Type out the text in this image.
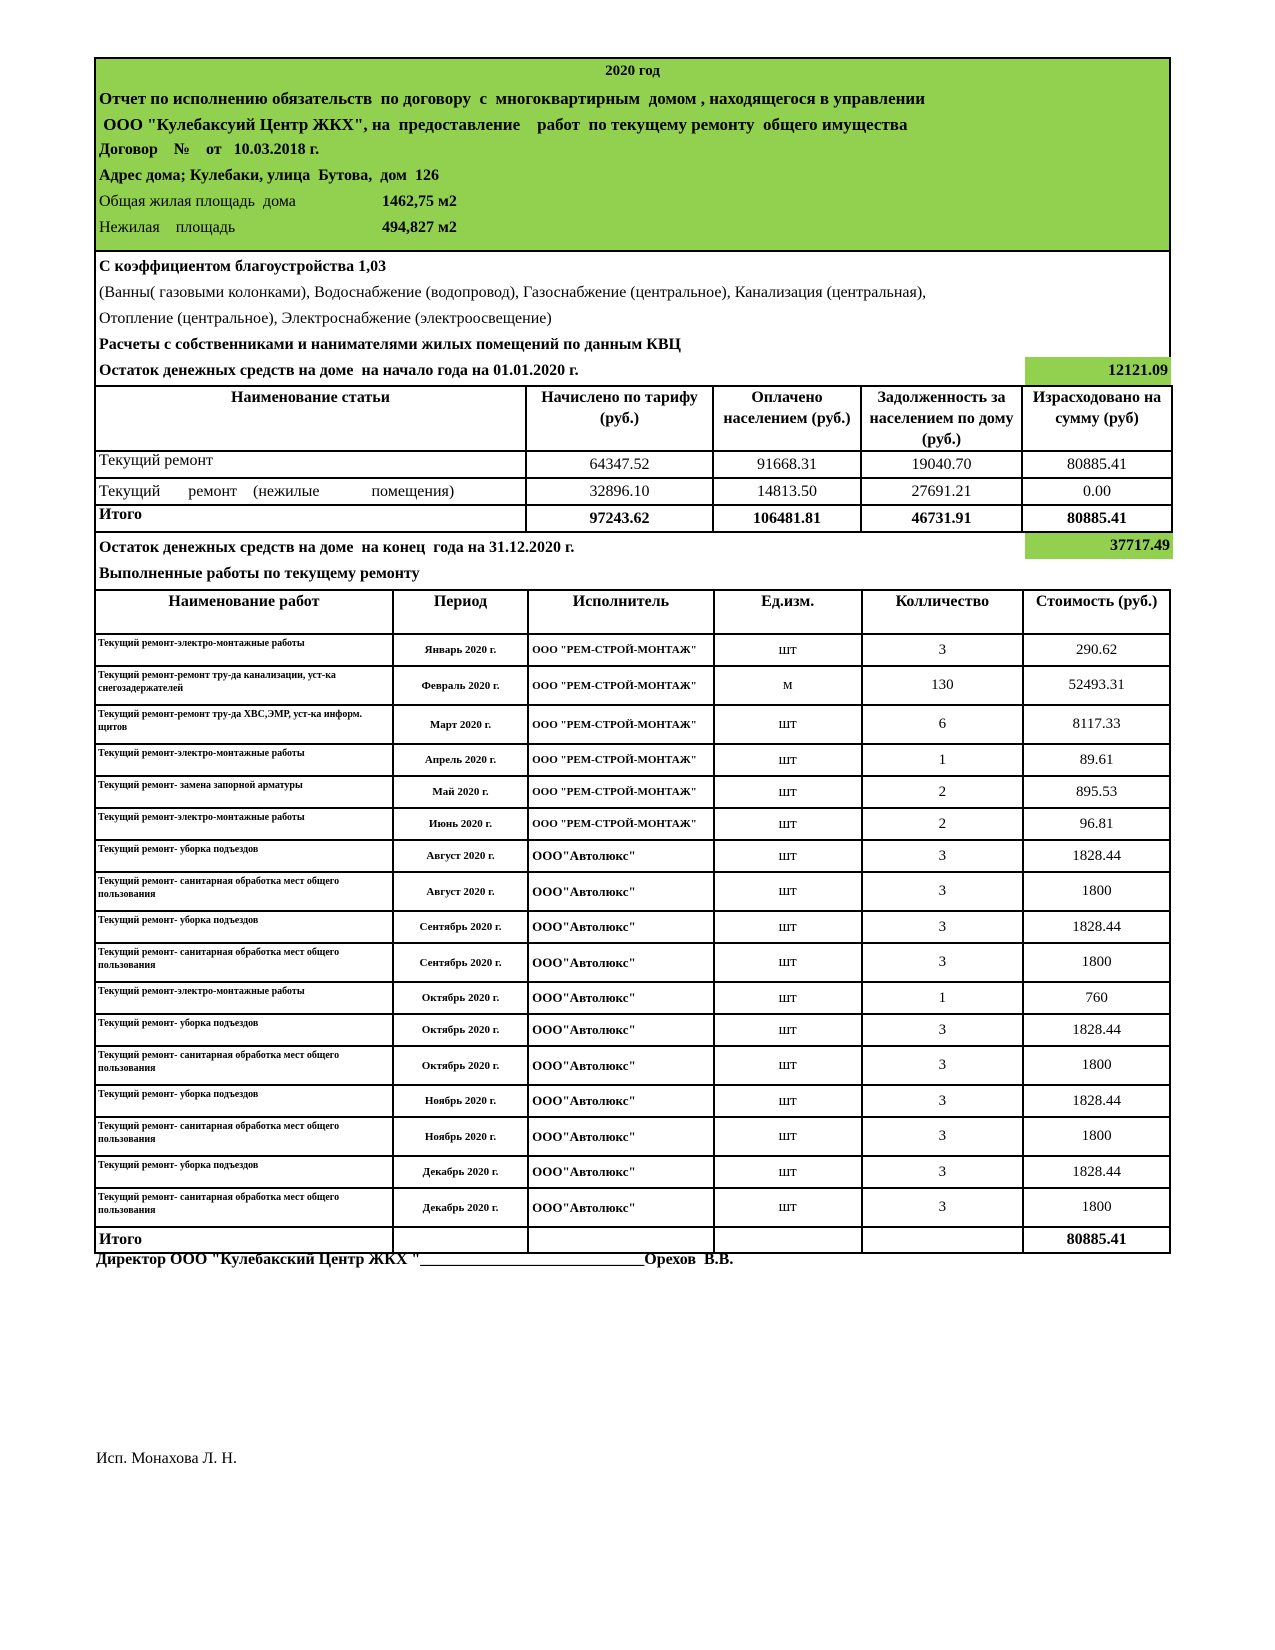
2020 год
Отчет по исполнению обязательств  по договору  с  многоквартирным  домом , находящегося в управлении
ООО "Кулебаксуий Центр ЖКХ", на  предоставление    работ  по текущему ремонту  общего имущества
Договор    №    от   10.03.2018 г.
Адрес дома; Кулебаки, улица  Бутова,  дом  126
Общая жилая площадь  дома	1462,75 м2
Нежилая    площадь	494,827 м2
С коэффициентом благоустройства 1,03
(Ванны( газовыми колонками), Водоснабжение (водопровод), Газоснабжение (центральное), Канализация (центральная),
Отопление (центральное), Электроснабжение (электроосвещение)
Расчеты с собственниками и нанимателями жилых помещений по данным КВЦ
Остаток денежных средств на доме  на начало года на 01.01.2020 г.	12121.09
Наименование статьи	Начислено по тарифу (руб.)	Оплачено населением (руб.)	Задолженность за населением по дому (руб.)	Израсходовано на сумму (руб)
Текущий ремонт	64347.52	91668.31	19040.70	80885.41
Текущий       ремонт    (нежилые             помещения)	32896.10	14813.50	27691.21	0.00
Итого	97243.62	106481.81	46731.91	80885.41
Остаток денежных средств на доме  на конец  года на 31.12.2020 г.	37717.49
Выполненные работы по текущему ремонту
Наименование работ	Период	Исполнитель	Ед.изм.	Колличество	Стоимость (руб.)
Текущий ремонт-электро-монтажные работы	Январь 2020 г.	ООО "РЕМ-СТРОЙ-МОНТАЖ"	шт	3	290.62
Текущий ремонт-ремонт тру-да канализации, уст-ка снегозадержателей	Февраль 2020 г.	ООО "РЕМ-СТРОЙ-МОНТАЖ"	м	130	52493.31
Текущий ремонт-ремонт тру-да ХВС,ЭМР, уст-ка информ. щитов	Март 2020 г.	ООО "РЕМ-СТРОЙ-МОНТАЖ"	шт	6	8117.33
Текущий ремонт-электро-монтажные работы	Апрель 2020 г.	ООО "РЕМ-СТРОЙ-МОНТАЖ"	шт	1	89.61
Текущий ремонт- замена запорной арматуры	Май 2020 г.	ООО "РЕМ-СТРОЙ-МОНТАЖ"	шт	2	895.53
Текущий ремонт-электро-монтажные работы	Июнь 2020 г.	ООО "РЕМ-СТРОЙ-МОНТАЖ"	шт	2	96.81
Текущий ремонт- уборка подъездов	Август 2020 г.	ООО"Автолюкс"	шт	3	1828.44
Текущий ремонт- санитарная обработка мест общего пользования	Август 2020 г.	ООО"Автолюкс"	шт	3	1800
Текущий ремонт- уборка подъездов	Сентябрь 2020 г.	ООО"Автолюкс"	шт	3	1828.44
Текущий ремонт- санитарная обработка мест общего пользования	Сентябрь 2020 г.	ООО"Автолюкс"	шт	3	1800
Текущий ремонт-электро-монтажные работы	Октябрь 2020 г.	ООО"Автолюкс"	шт	1	760
Текущий ремонт- уборка подъездов	Октябрь 2020 г.	ООО"Автолюкс"	шт	3	1828.44
Текущий ремонт- санитарная обработка мест общего пользования	Октябрь 2020 г.	ООО"Автолюкс"	шт	3	1800
Текущий ремонт- уборка подъездов	Ноябрь 2020 г.	ООО"Автолюкс"	шт	3	1828.44
Текущий ремонт- санитарная обработка мест общего пользования	Ноябрь 2020 г.	ООО"Автолюкс"	шт	3	1800
Текущий ремонт- уборка подъездов	Декабрь 2020 г.	ООО"Автолюкс"	шт	3	1828.44
Текущий ремонт- санитарная обработка мест общего пользования	Декабрь 2020 г.	ООО"Автолюкс"	шт	3	1800
Итого					80885.41
Директор ООО "Кулебакский Центр ЖКХ "____________________________Орехов  В.В.
Исп. Монахова Л. Н.
